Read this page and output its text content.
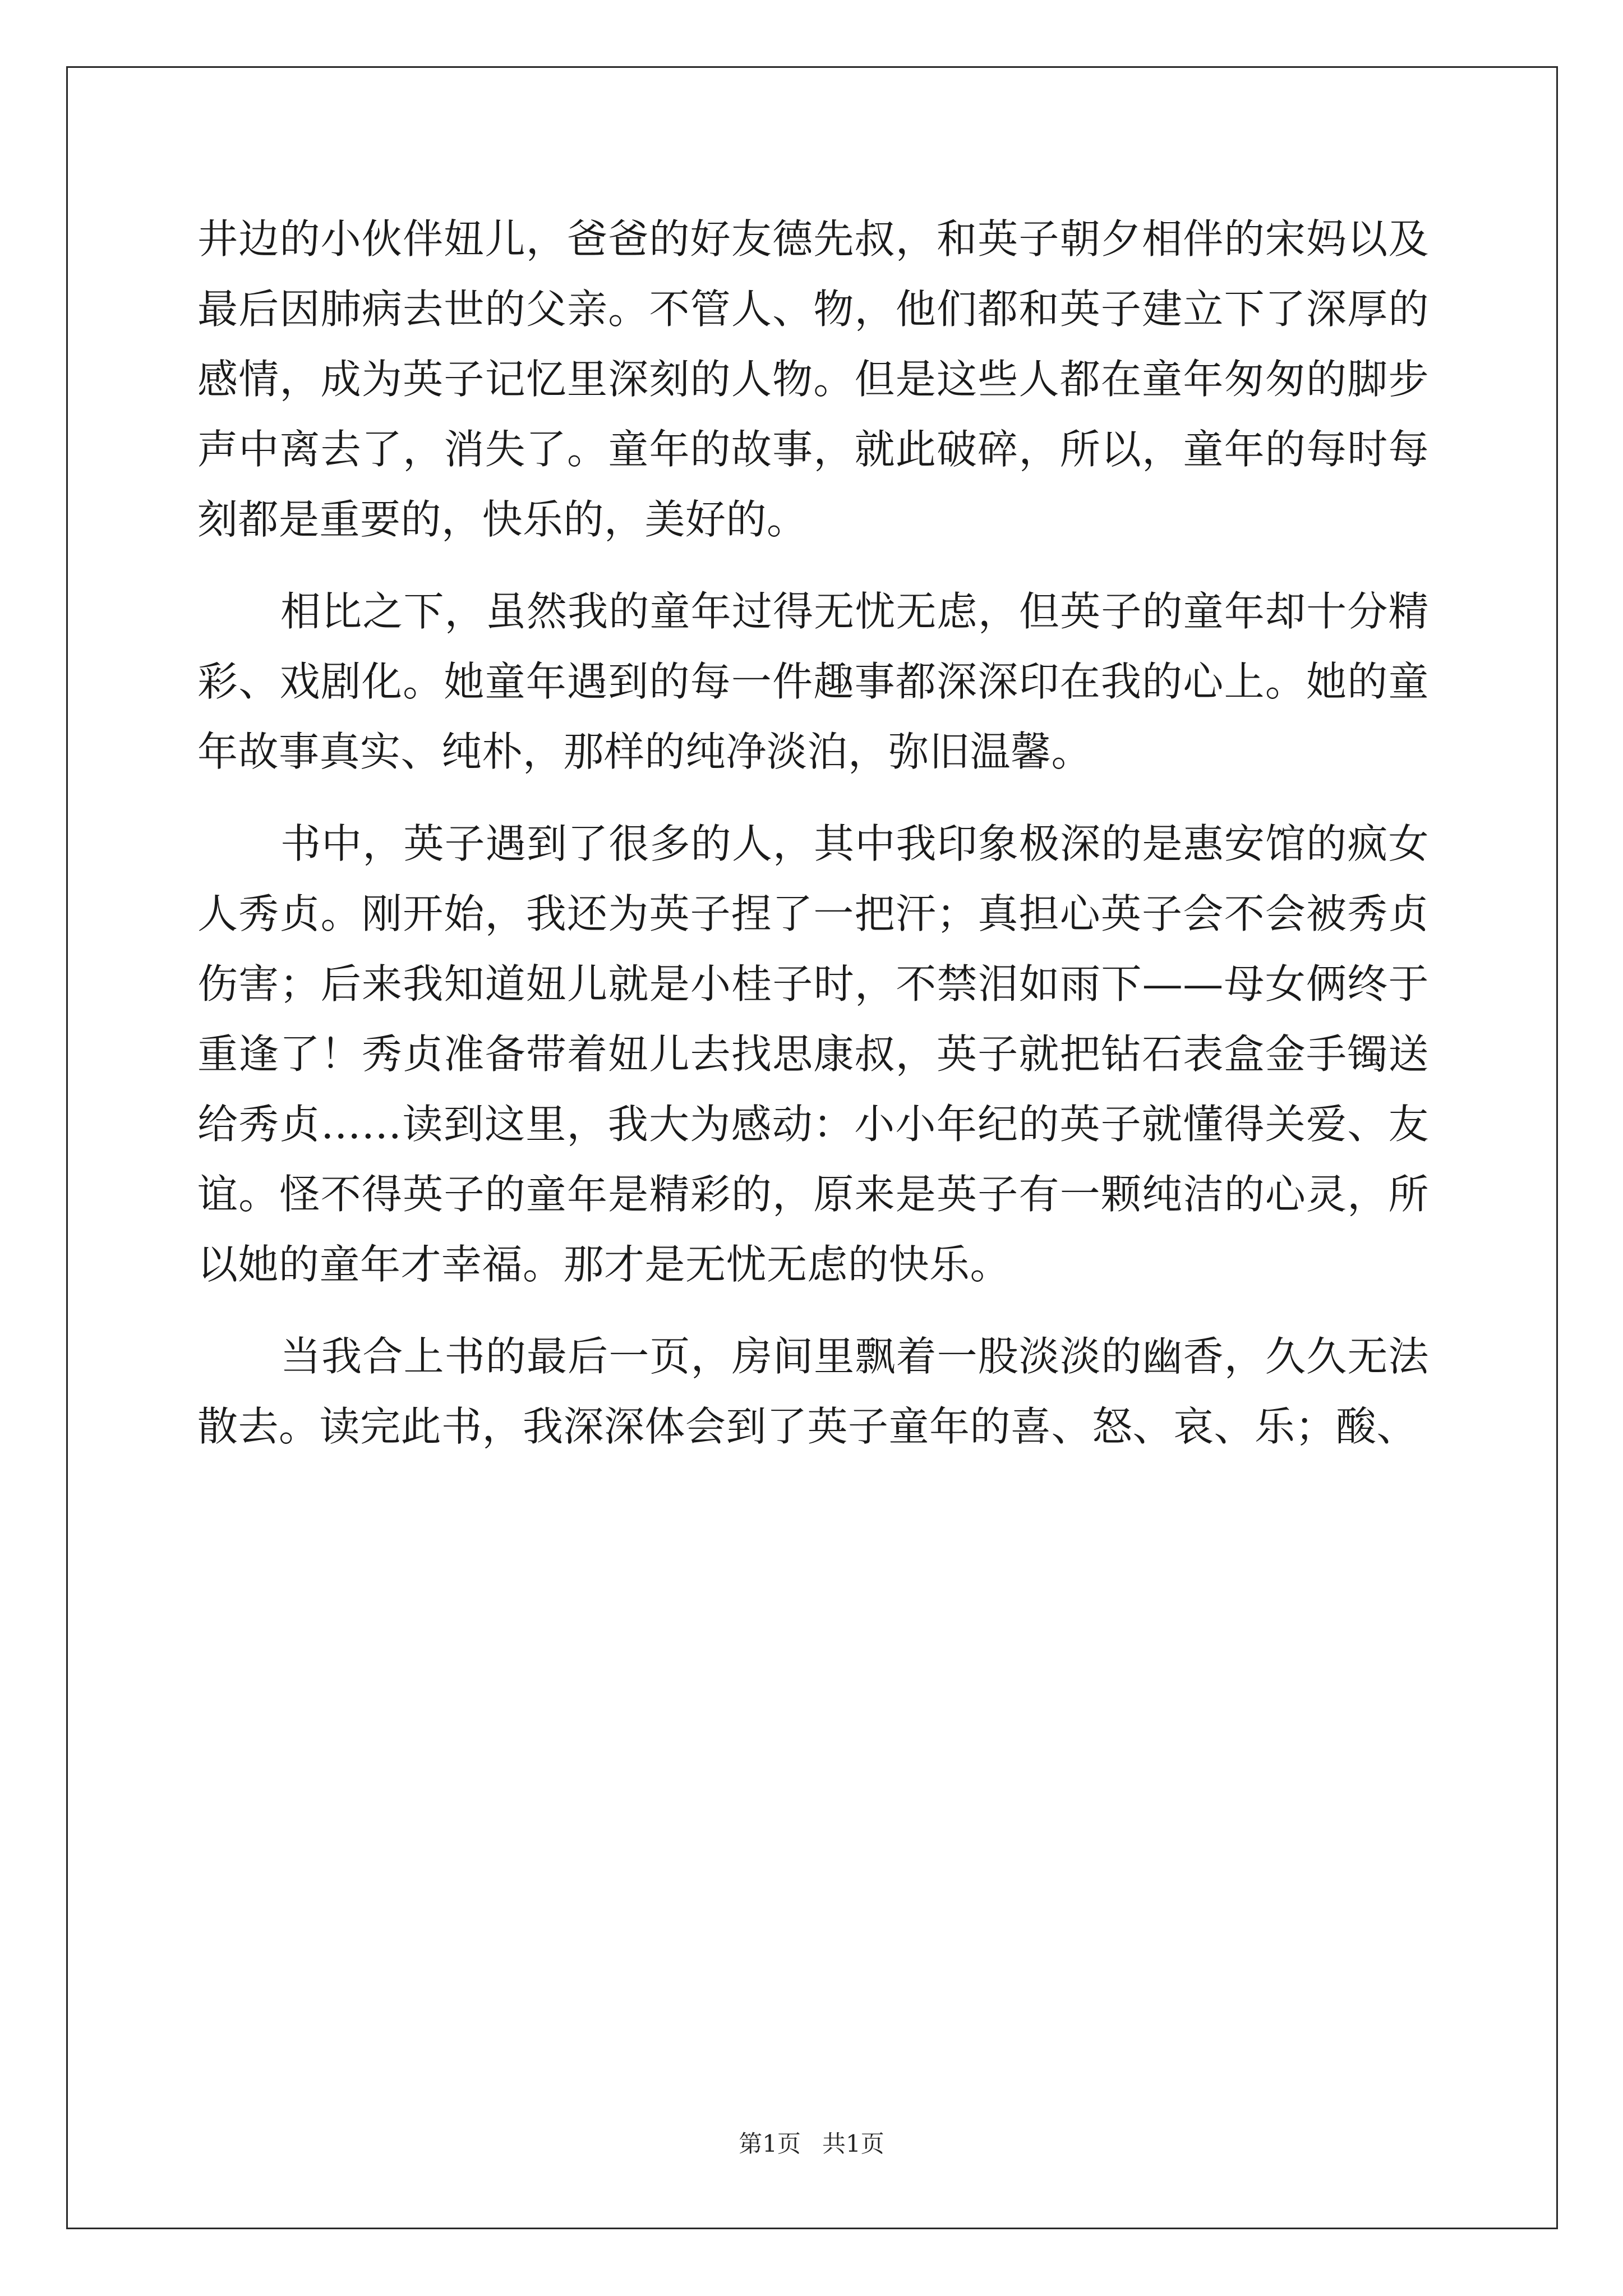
井边的小伙伴妞儿，爸爸的好友德先叔，和英子朝夕相伴的宋妈以及最后因肺病去世的父亲。不管人、物，他们都和英子建立下了深厚的感情，成为英子记忆里深刻的人物。但是这些人都在童年匆匆的脚步声中离去了，消失了。童年的故事，就此破碎，所以，童年的每时每刻都是重要的，快乐的，美好的。

相比之下，虽然我的童年过得无忧无虑，但英子的童年却十分精彩、戏剧化。她童年遇到的每一件趣事都深深印在我的心上。她的童年故事真实、纯朴，那样的纯净淡泊，弥旧温馨。

书中，英子遇到了很多的人，其中我印象极深的是惠安馆的疯女人秀贞。刚开始，我还为英子捏了一把汗；真担心英子会不会被秀贞伤害；后来我知道妞儿就是小桂子时，不禁泪如雨下——母女俩终于重逢了！秀贞准备带着妞儿去找思康叔，英子就把钻石表盒金手镯送给秀贞……读到这里，我大为感动：小小年纪的英子就懂得关爱、友谊。怪不得英子的童年是精彩的，原来是英子有一颗纯洁的心灵，所以她的童年才幸福。那才是无忧无虑的快乐。

当我合上书的最后一页，房间里飘着一股淡淡的幽香，久久无法散去。读完此书，我深深体会到了英子童年的喜、怒、哀、乐；酸、

第1页 共1页
